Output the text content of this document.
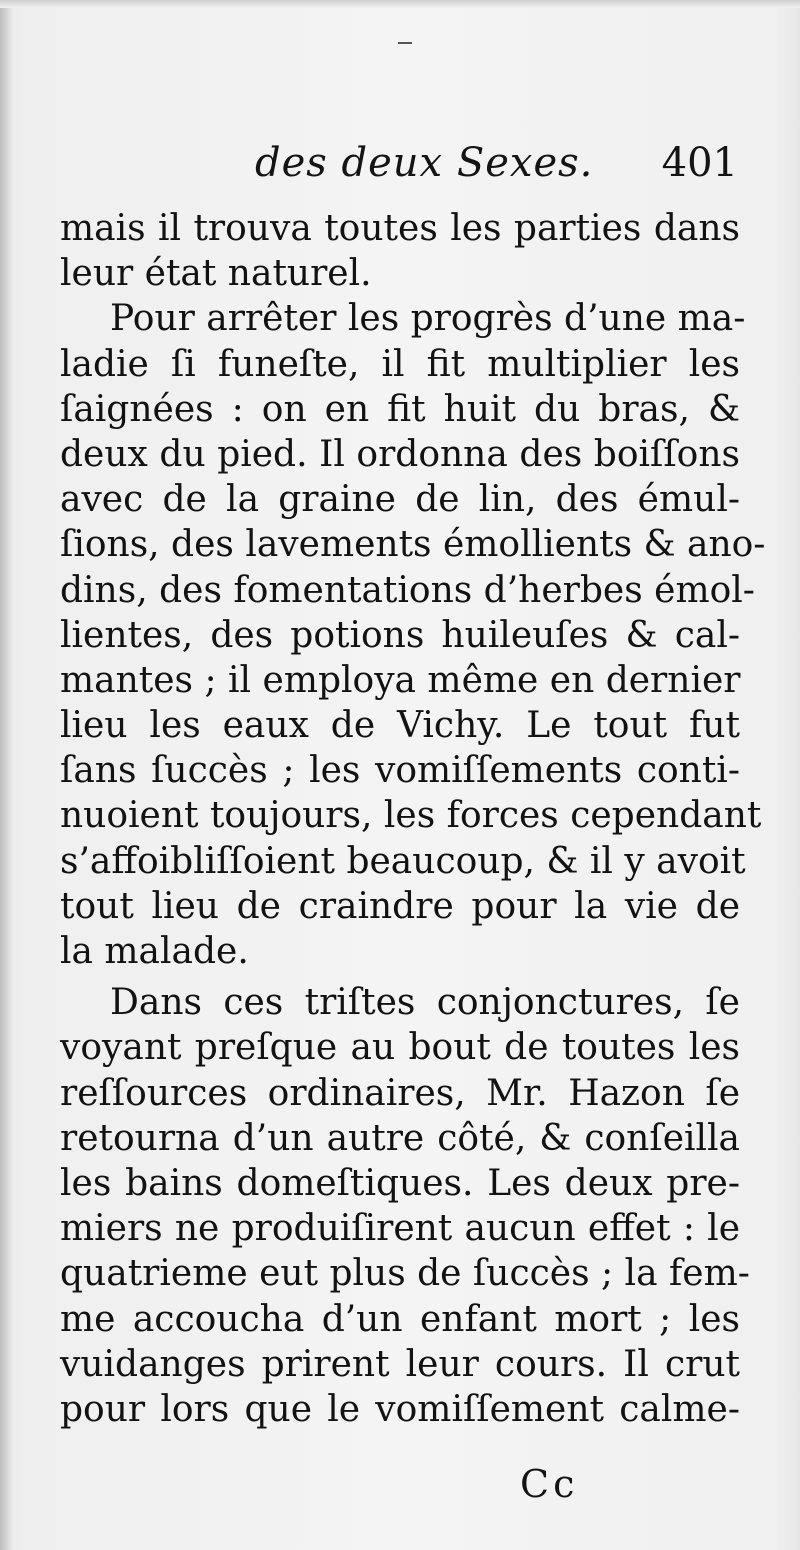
des deux Sexes. 401
mais il trouva toutes les parties dans
leur état naturel.
Pour arrêter les progrès d’une ma-
ladie ſi funeſte, il fit multiplier les
ſaignées : on en fit huit du bras, &
deux du pied. Il ordonna des boiſſons
avec de la graine de lin, des émul-
ſions, des lavements émollients & ano-
dins, des fomentations d’herbes émol-
lientes, des potions huileuſes & cal-
mantes ; il employa même en dernier
lieu les eaux de Vichy. Le tout fut
ſans ſuccès ; les vomiſſements conti-
nuoient toujours, les forces cependant
s’affoibliſſoient beaucoup, & il y avoit
tout lieu de craindre pour la vie de
la malade.
Dans ces triſtes conjonctures, ſe
voyant preſque au bout de toutes les
reſſources ordinaires, Mr. Hazon ſe
retourna d’un autre côté, & conſeilla
les bains domeſtiques. Les deux pre-
miers ne produiſirent aucun effet : le
quatrieme eut plus de ſuccès ; la fem-
me accoucha d’un enfant mort ; les
vuidanges prirent leur cours. Il crut
pour lors que le vomiſſement calme-
Cc
